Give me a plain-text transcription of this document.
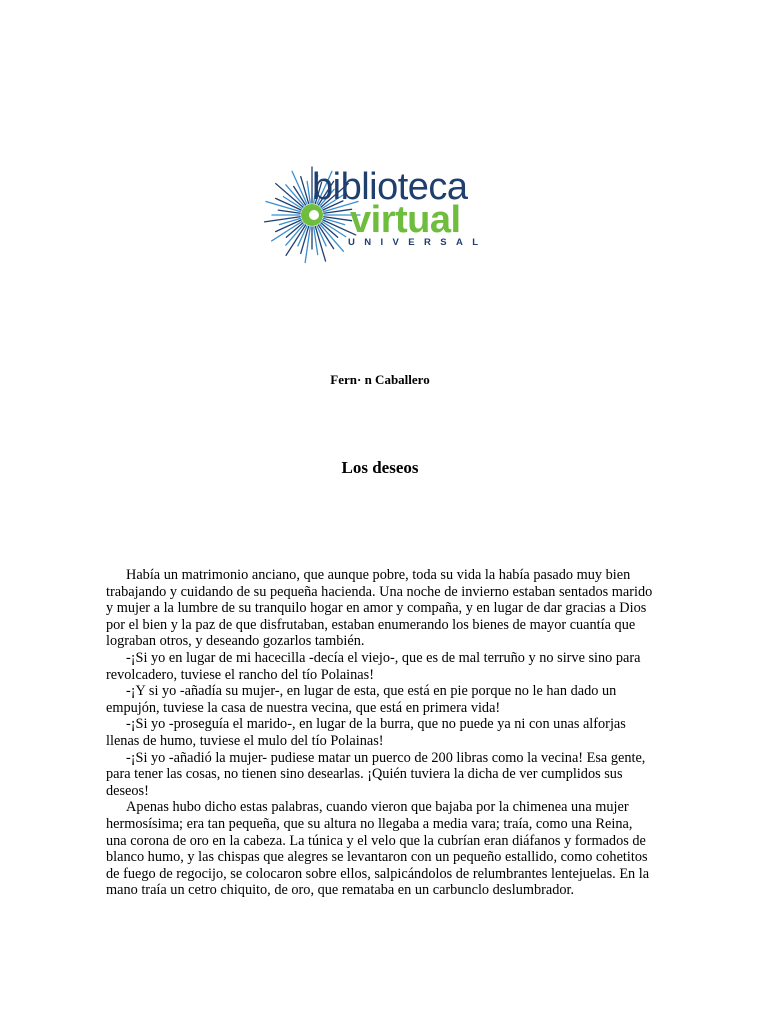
biblioteca
virtual
UNIVERSAL
Fern· n Caballero
Los deseos

Había un matrimonio anciano, que aunque pobre, toda su vida la había pasado muy bien trabajando y cuidando de su pequeña hacienda. Una noche de invierno estaban sentados marido y mujer a la lumbre de su tranquilo hogar en amor y compaña, y en lugar de dar gracias a Dios por el bien y la paz de que disfrutaban, estaban enumerando los bienes de mayor cuantía que lograban otros, y deseando gozarlos también.

-¡Si yo en lugar de mi hacecilla -decía el viejo-, que es de mal terruño y no sirve sino para revolcadero, tuviese el rancho del tío Polainas!

-¡Y si yo -añadía su mujer-, en lugar de esta, que está en pie porque no le han dado un empujón, tuviese la casa de nuestra vecina, que está en primera vida!

-¡Si yo -proseguía el marido-, en lugar de la burra, que no puede ya ni con unas alforjas llenas de humo, tuviese el mulo del tío Polainas!

-¡Si yo -añadió la mujer- pudiese matar un puerco de 200 libras como la vecina! Esa gente, para tener las cosas, no tienen sino desearlas. ¡Quién tuviera la dicha de ver cumplidos sus deseos!

Apenas hubo dicho estas palabras, cuando vieron que bajaba por la chimenea una mujer hermosísima; era tan pequeña, que su altura no llegaba a media vara; traía, como una Reina, una corona de oro en la cabeza. La túnica y el velo que la cubrían eran diáfanos y formados de blanco humo, y las chispas que alegres se levantaron con un pequeño estallido, como cohetitos de fuego de regocijo, se colocaron sobre ellos, salpicándolos de relumbrantes lentejuelas. En la mano traía un cetro chiquito, de oro, que remataba en un carbunclo deslumbrador.
